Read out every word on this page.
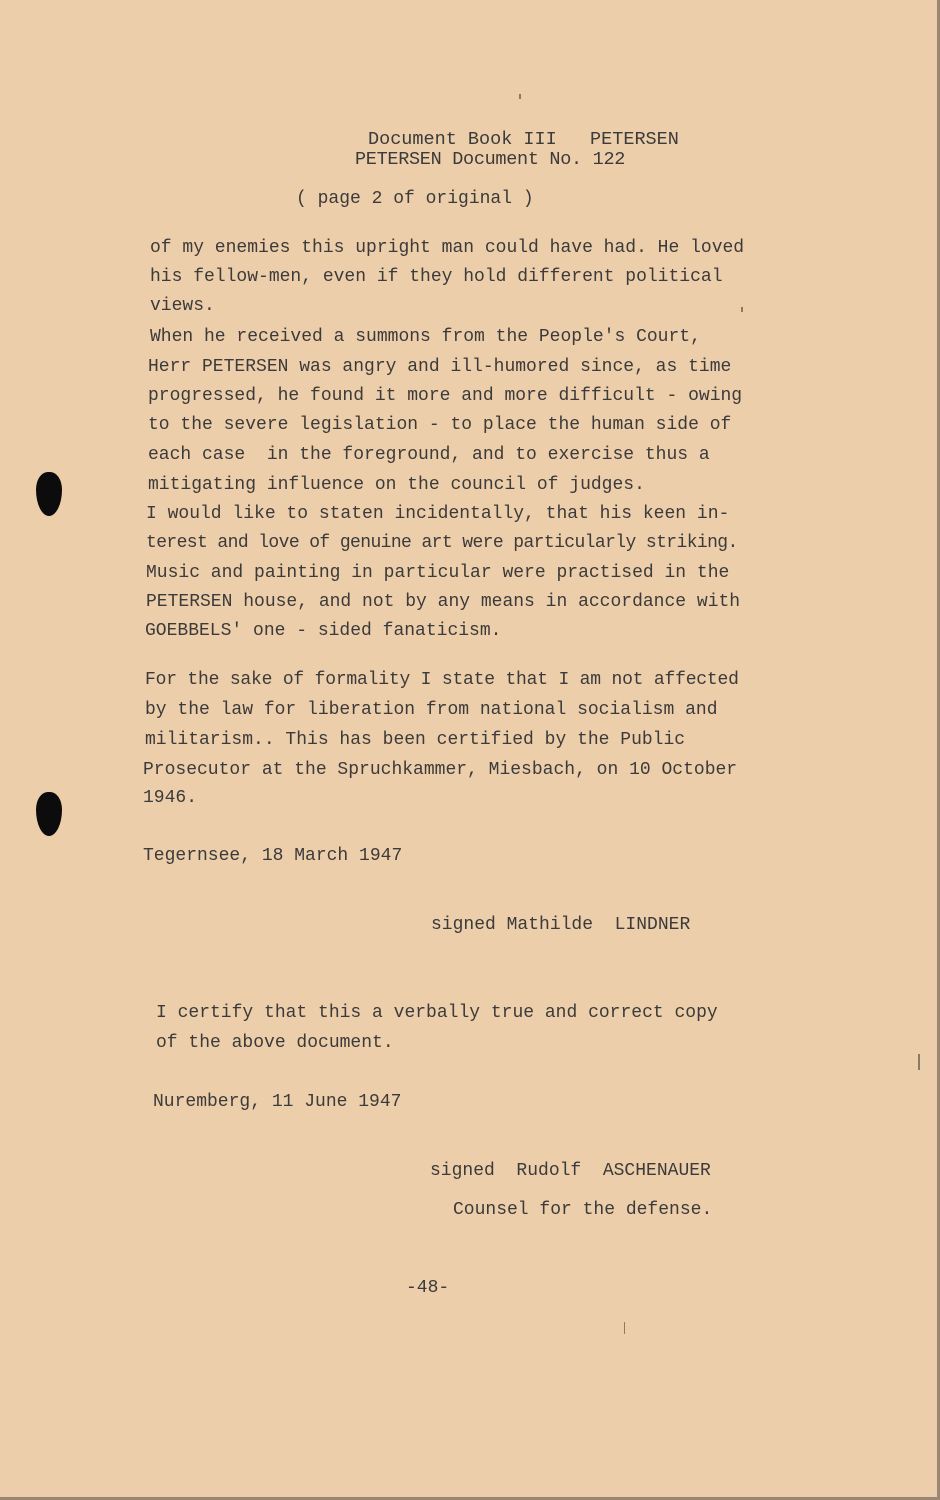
Document Book III   PETERSEN
PETERSEN Document No. 122
( page 2 of original )
of my enemies this upright man could have had. He loved
his fellow-men, even if they hold different political
views.
When he received a summons from the People's Court,
Herr PETERSEN was angry and ill-humored since, as time
progressed, he found it more and more difficult - owing
to the severe legislation - to place the human side of
each case  in the foreground, and to exercise thus a
mitigating influence on the council of judges.
I would like to staten incidentally, that his keen in-
terest and love of genuine art were particularly striking.
Music and painting in particular were practised in the
PETERSEN house, and not by any means in accordance with
GOEBBELS' one - sided fanaticism.
For the sake of formality I state that I am not affected
by the law for liberation from national socialism and
militarism.. This has been certified by the Public
Prosecutor at the Spruchkammer, Miesbach, on 10 October
1946.
Tegernsee, 18 March 1947
signed Mathilde  LINDNER
I certify that this a verbally true and correct copy
of the above document.
Nuremberg, 11 June 1947
signed  Rudolf  ASCHENAUER
Counsel for the defense.
-48-
